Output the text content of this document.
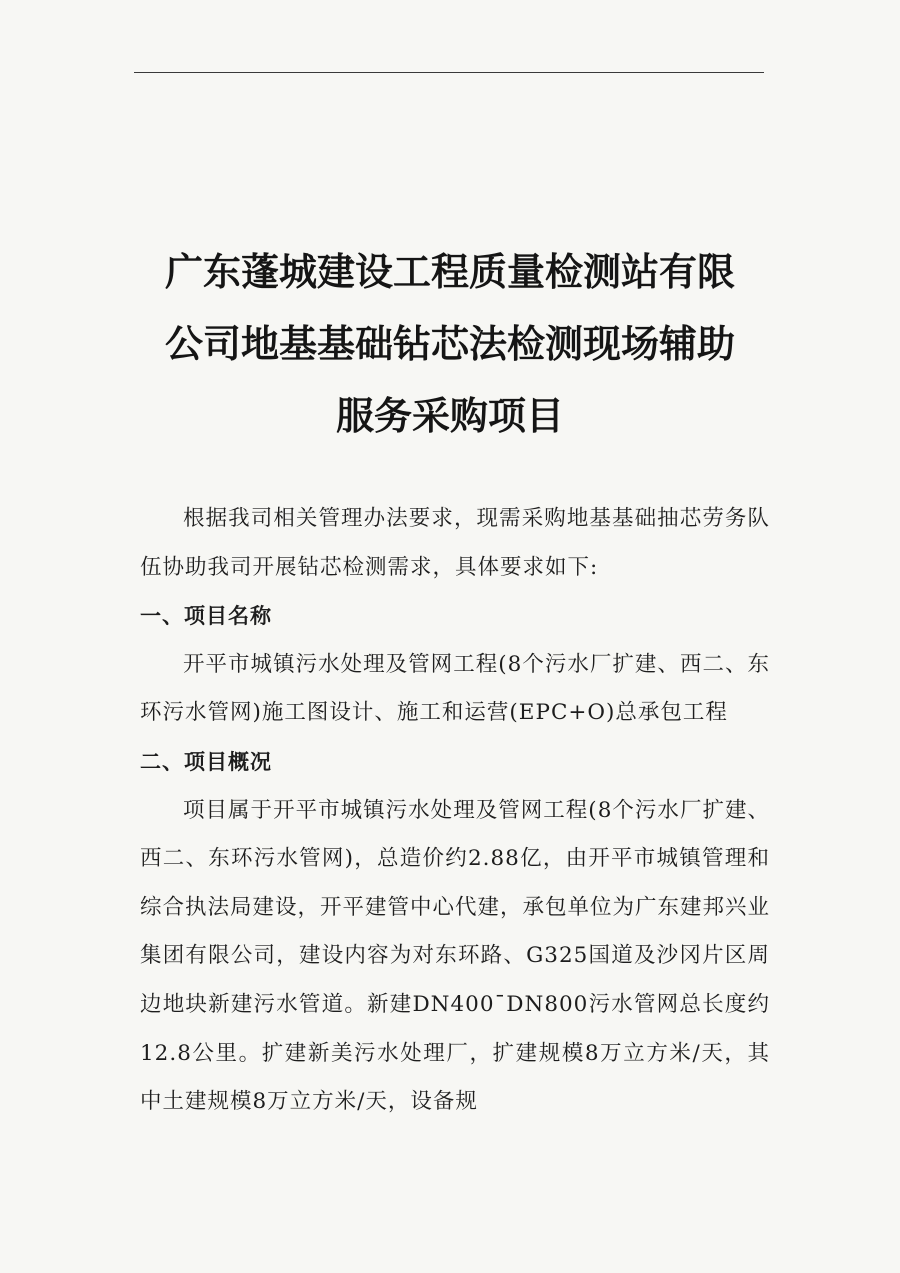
广东蓬城建设工程质量检测站有限
公司地基基础钻芯法检测现场辅助
服务采购项目

根据我司相关管理办法要求，现需采购地基基础抽芯劳务队伍协助我司开展钻芯检测需求，具体要求如下:

一、项目名称

开平市城镇污水处理及管网工程(8个污水厂扩建、西二、东环污水管网)施工图设计、施工和运营(EPC+O)总承包工程

二、项目概况

项目属于开平市城镇污水处理及管网工程(8个污水厂扩建、西二、东环污水管网)，总造价约2.88亿，由开平市城镇管理和综合执法局建设，开平建管中心代建，承包单位为广东建邦兴业集团有限公司，建设内容为对东环路、G325国道及沙冈片区周边地块新建污水管道。新建DN400¯DN800污水管网总长度约12.8公里。扩建新美污水处理厂，扩建规模8万立方米/天，其中土建规模8万立方米/天，设备规
